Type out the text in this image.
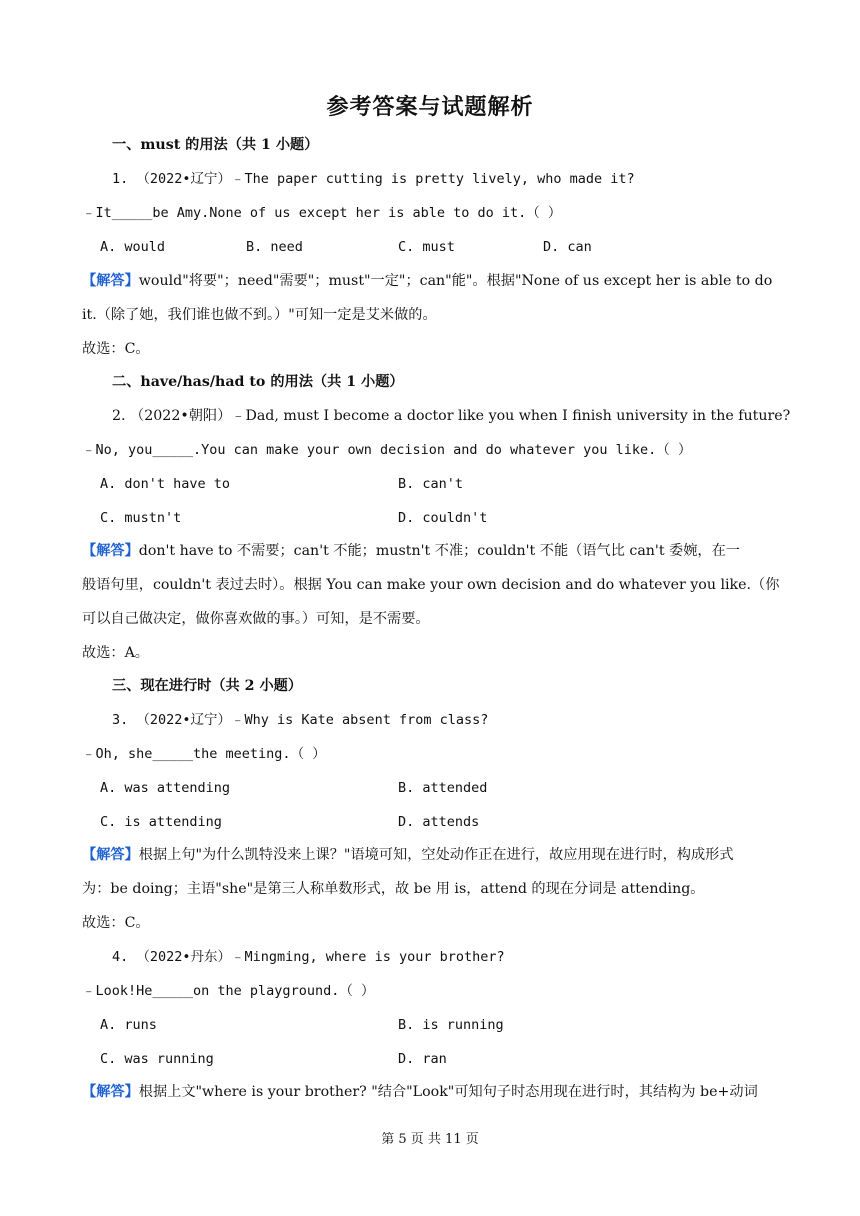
参考答案与试题解析
一、must 的用法（共 1 小题）
1. （2022•辽宁）﹣The paper cutting is pretty lively, who made it?
﹣It_____be Amy.None of us except her is able to do it.（ ）
A. would	B. need	C. must	D. can
【解答】would"将要"；need"需要"；must"一定"；can"能"。根据"None of us except her is able to do
it.（除了她，我们谁也做不到。）"可知一定是艾米做的。
故选：C。
二、have/has/had to 的用法（共 1 小题）
2. （2022•朝阳）﹣Dad, must I become a doctor like you when I finish university in the future?
﹣No, you_____.You can make your own decision and do whatever you like.（ ）
A. don't have to	B. can't
C. mustn't	D. couldn't
【解答】don't have to 不需要；can't 不能；mustn't 不准；couldn't 不能（语气比 can't 委婉，在一
般语句里，couldn't 表过去时）。根据 You can make your own decision and do whatever you like.（你
可以自己做决定，做你喜欢做的事。）可知，是不需要。
故选：A。
三、现在进行时（共 2 小题）
3. （2022•辽宁）﹣Why is Kate absent from class?
﹣Oh, she_____the meeting.（ ）
A. was attending	B. attended
C. is attending	D. attends
【解答】根据上句"为什么凯特没来上课？"语境可知，空处动作正在进行，故应用现在进行时，构成形式
为：be doing；主语"she"是第三人称单数形式，故 be 用 is，attend 的现在分词是 attending。
故选：C。
4. （2022•丹东）﹣Mingming, where is your brother?
﹣Look!He_____on the playground.（ ）
A. runs	B. is running
C. was running	D. ran
【解答】根据上文"where is your brother? "结合"Look"可知句子时态用现在进行时，其结构为 be+动词
第 5 页 共 11 页
